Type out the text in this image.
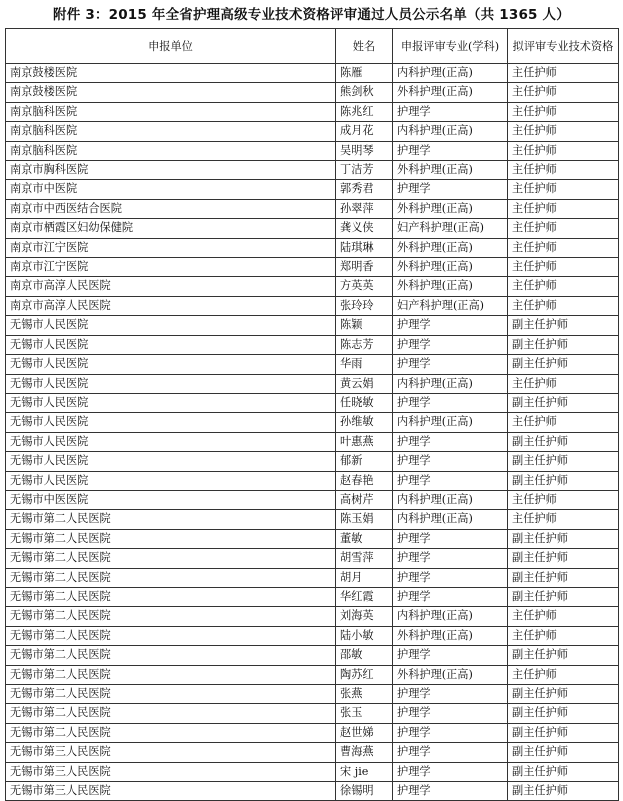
附件 3：2015 年全省护理高级专业技术资格评审通过人员公示名单（共 1365 人）
申报单位	姓名	申报评审专业(学科)	拟评审专业技术资格
南京鼓楼医院	陈雁	内科护理(正高)	主任护师
南京鼓楼医院	熊剑秋	外科护理(正高)	主任护师
南京脑科医院	陈兆红	护理学	主任护师
南京脑科医院	成月花	内科护理(正高)	主任护师
南京脑科医院	吴明琴	护理学	主任护师
南京市胸科医院	丁洁芳	外科护理(正高)	主任护师
南京市中医院	郭秀君	护理学	主任护师
南京市中西医结合医院	孙翠萍	外科护理(正高)	主任护师
南京市栖霞区妇幼保健院	龚义侠	妇产科护理(正高)	主任护师
南京市江宁医院	陆琪琳	外科护理(正高)	主任护师
南京市江宁医院	郑明香	外科护理(正高)	主任护师
南京市高淳人民医院	方英英	外科护理(正高)	主任护师
南京市高淳人民医院	张玲玲	妇产科护理(正高)	主任护师
无锡市人民医院	陈颖	护理学	副主任护师
无锡市人民医院	陈志芳	护理学	副主任护师
无锡市人民医院	华雨	护理学	副主任护师
无锡市人民医院	黄云娟	内科护理(正高)	主任护师
无锡市人民医院	任晓敏	护理学	副主任护师
无锡市人民医院	孙维敏	内科护理(正高)	主任护师
无锡市人民医院	叶惠燕	护理学	副主任护师
无锡市人民医院	郁新	护理学	副主任护师
无锡市人民医院	赵春艳	护理学	副主任护师
无锡市中医医院	高树芹	内科护理(正高)	主任护师
无锡市第二人民医院	陈玉娟	内科护理(正高)	主任护师
无锡市第二人民医院	董敏	护理学	副主任护师
无锡市第二人民医院	胡雪萍	护理学	副主任护师
无锡市第二人民医院	胡月	护理学	副主任护师
无锡市第二人民医院	华红霞	护理学	副主任护师
无锡市第二人民医院	刘海英	内科护理(正高)	主任护师
无锡市第二人民医院	陆小敏	外科护理(正高)	主任护师
无锡市第二人民医院	邵敏	护理学	副主任护师
无锡市第二人民医院	陶苏红	外科护理(正高)	主任护师
无锡市第二人民医院	张燕	护理学	副主任护师
无锡市第二人民医院	张玉	护理学	副主任护师
无锡市第二人民医院	赵世娣	护理学	副主任护师
无锡市第三人民医院	曹海燕	护理学	副主任护师
无锡市第三人民医院	宋 jie	护理学	副主任护师
无锡市第三人民医院	徐锡明	护理学	副主任护师
